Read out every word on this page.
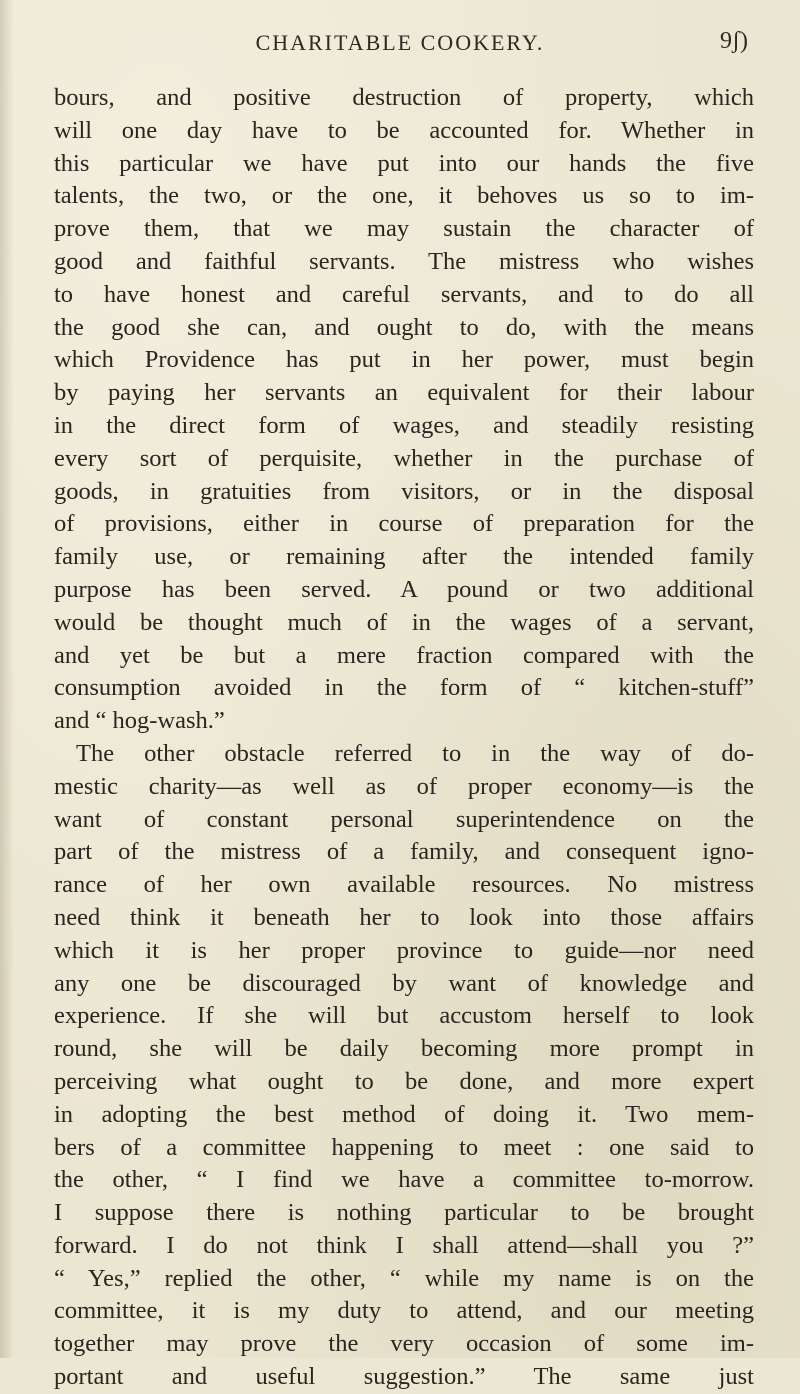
CHARITABLE COOKERY.	9ʃ)
bours, and positive destruction of property, which
will one day have to be accounted for. Whether in
this particular we have put into our hands the five
talents, the two, or the one, it behoves us so to im-
prove them, that we may sustain the character of
good and faithful servants. The mistress who wishes
to have honest and careful servants, and to do all
the good she can, and ought to do, with the means
which Providence has put in her power, must begin
by paying her servants an equivalent for their labour
in the direct form of wages, and steadily resisting
every sort of perquisite, whether in the purchase of
goods, in gratuities from visitors, or in the disposal
of provisions, either in course of preparation for the
family use, or remaining after the intended family
purpose has been served. A pound or two additional
would be thought much of in the wages of a servant,
and yet be but a mere fraction compared with the
consumption avoided in the form of “ kitchen-stuff”
and “ hog-wash.”
The other obstacle referred to in the way of do-
mestic charity—as well as of proper economy—is the
want of constant personal superintendence on the
part of the mistress of a family, and consequent igno-
rance of her own available resources. No mistress
need think it beneath her to look into those affairs
which it is her proper province to guide—nor need
any one be discouraged by want of knowledge and
experience. If she will but accustom herself to look
round, she will be daily becoming more prompt in
perceiving what ought to be done, and more expert
in adopting the best method of doing it. Two mem-
bers of a committee happening to meet : one said to
the other, “ I find we have a committee to-morrow.
I suppose there is nothing particular to be brought
forward. I do not think I shall attend—shall you ?”
“ Yes,” replied the other, “ while my name is on the
committee, it is my duty to attend, and our meeting
together may prove the very occasion of some im-
portant and useful suggestion.” The same just
